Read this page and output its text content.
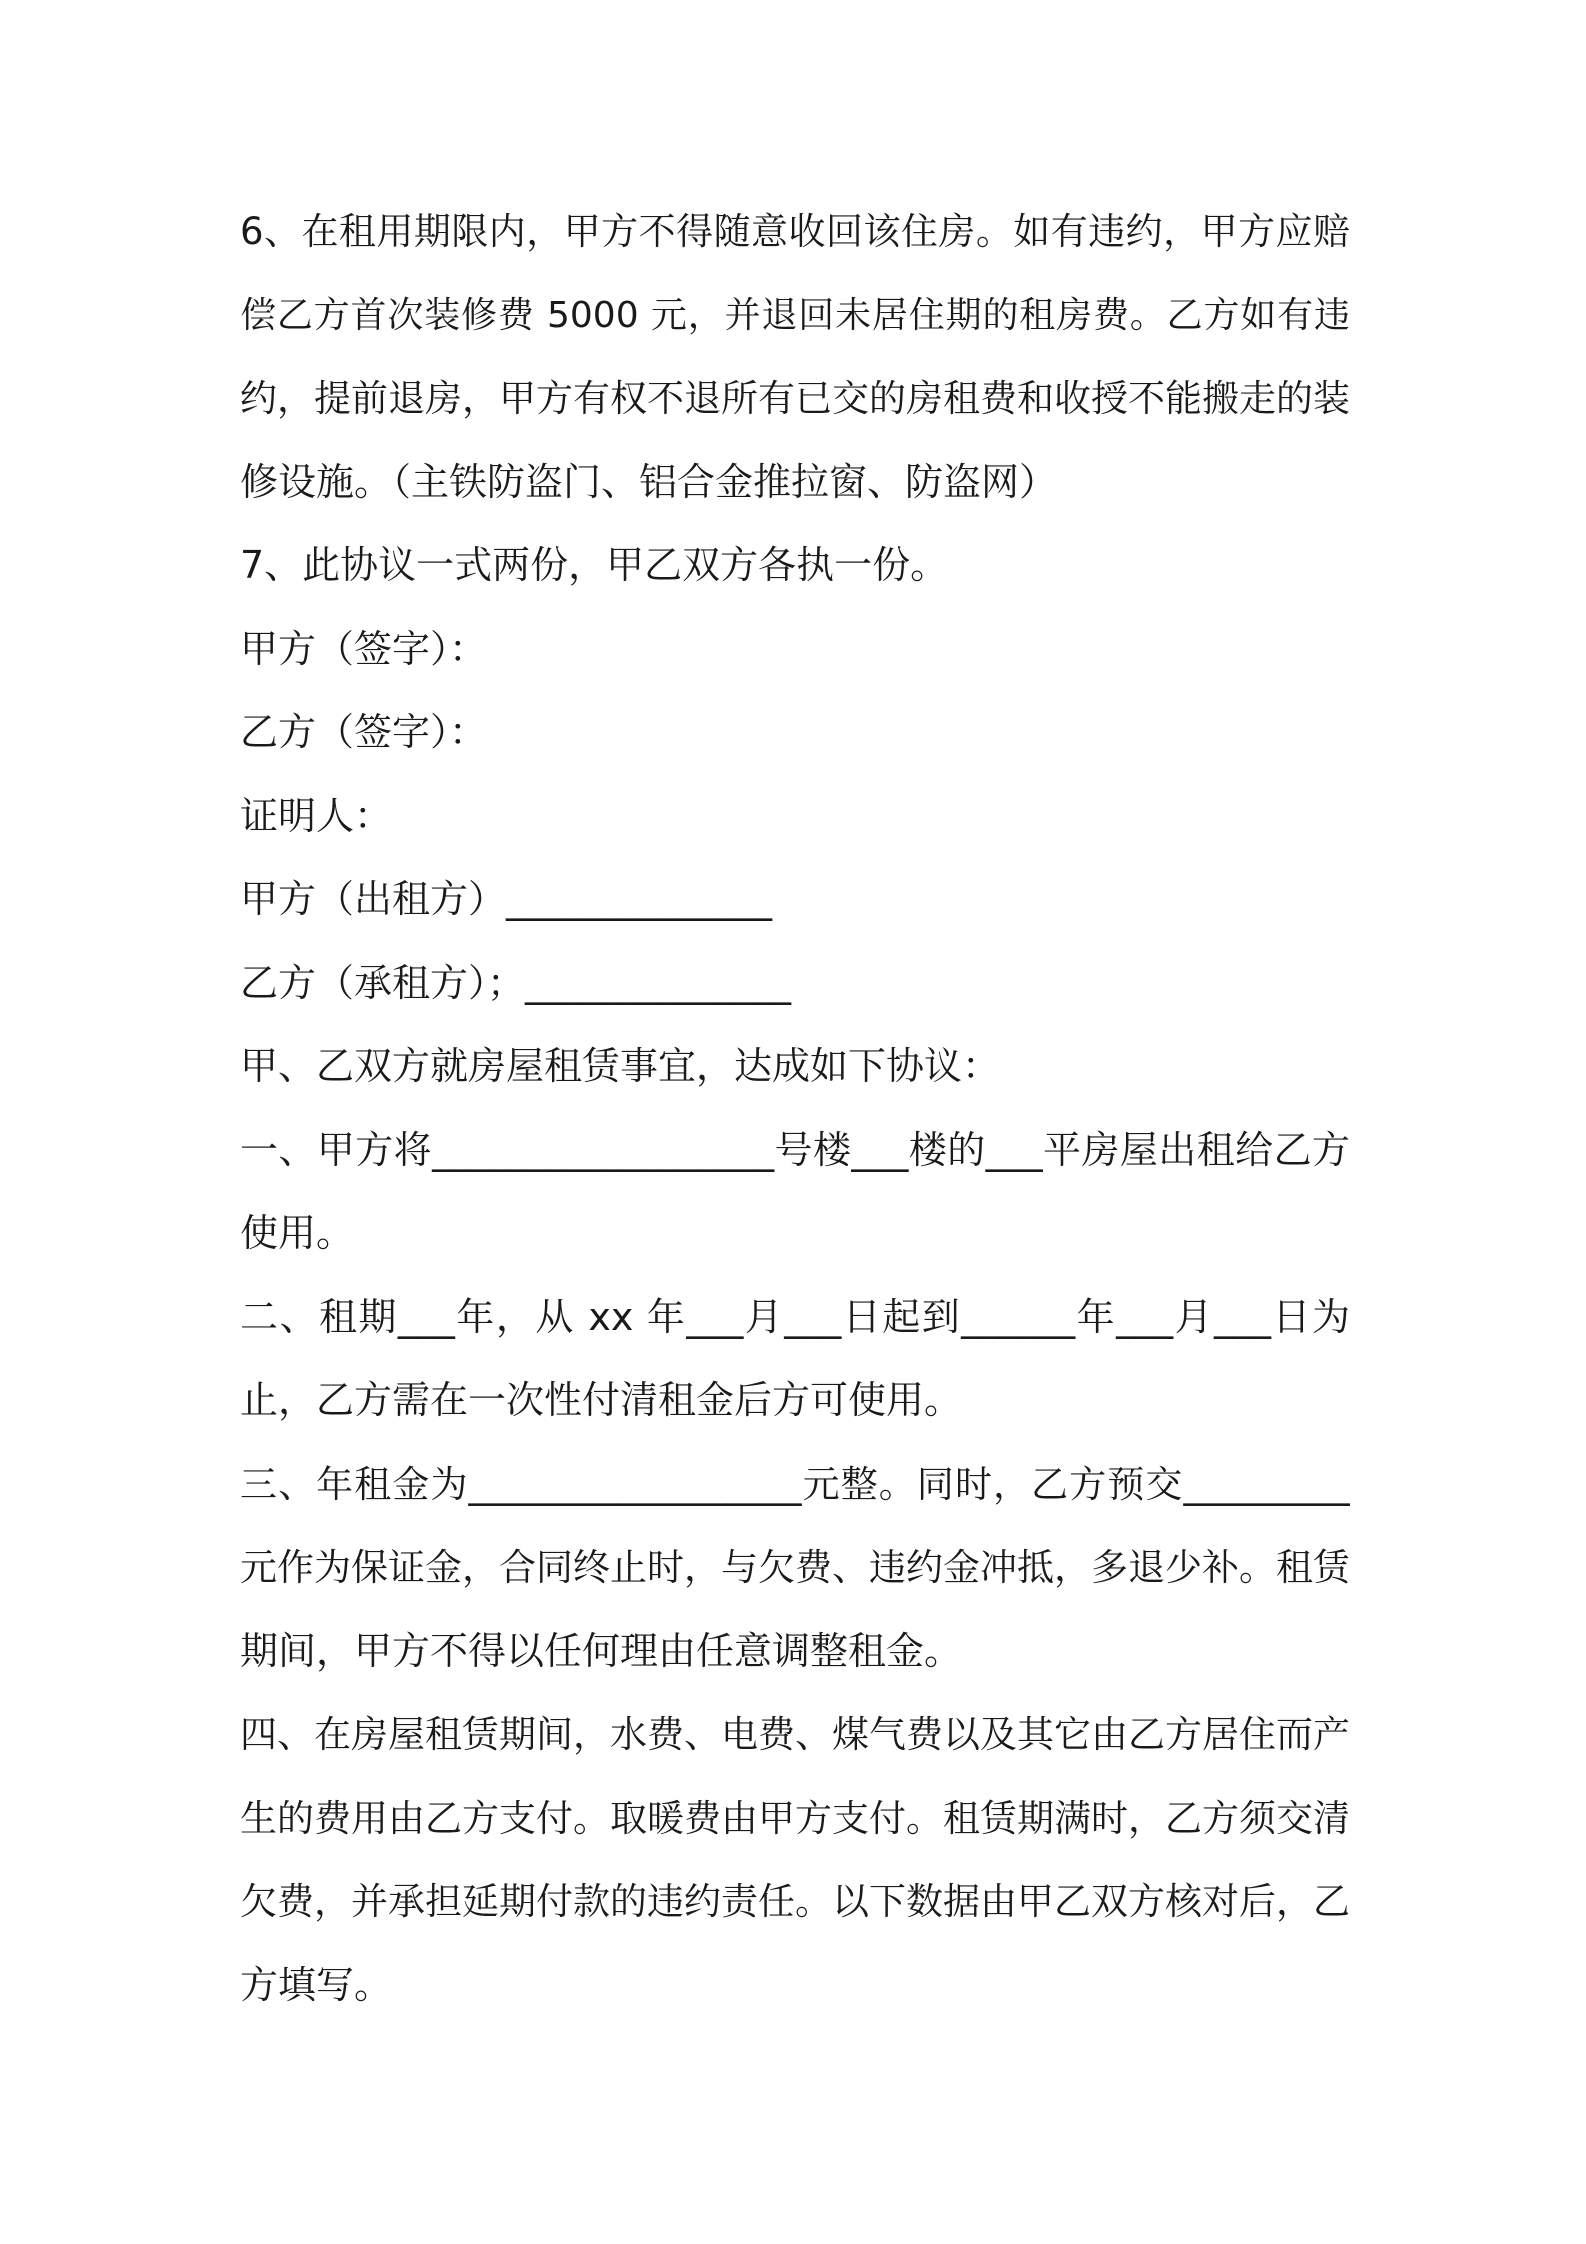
6、在租用期限内，甲方不得随意收回该住房。如有违约，甲方应赔
偿乙方首次装修费 5000 元，并退回未居住期的租房费。乙方如有违
约，提前退房，甲方有权不退所有已交的房租费和收授不能搬走的装
修设施。（主铁防盗门、铝合金推拉窗、防盗网）
7、此协议一式两份，甲乙双方各执一份。
甲方（签字）：
乙方（签字）：
证明人：
甲方（出租方）______________
乙方（承租方）；______________
甲、乙双方就房屋租赁事宜，达成如下协议：
一、甲方将__________________号楼___楼的___平房屋出租给乙方
使用。
二、租期___年，从 xx 年___月___日起到______年___月___日为
止，乙方需在一次性付清租金后方可使用。
三、年租金为__________________元整。同时，乙方预交_________
元作为保证金，合同终止时，与欠费、违约金冲抵，多退少补。租赁
期间，甲方不得以任何理由任意调整租金。
四、在房屋租赁期间，水费、电费、煤气费以及其它由乙方居住而产
生的费用由乙方支付。取暖费由甲方支付。租赁期满时，乙方须交清
欠费，并承担延期付款的违约责任。以下数据由甲乙双方核对后，乙
方填写。
